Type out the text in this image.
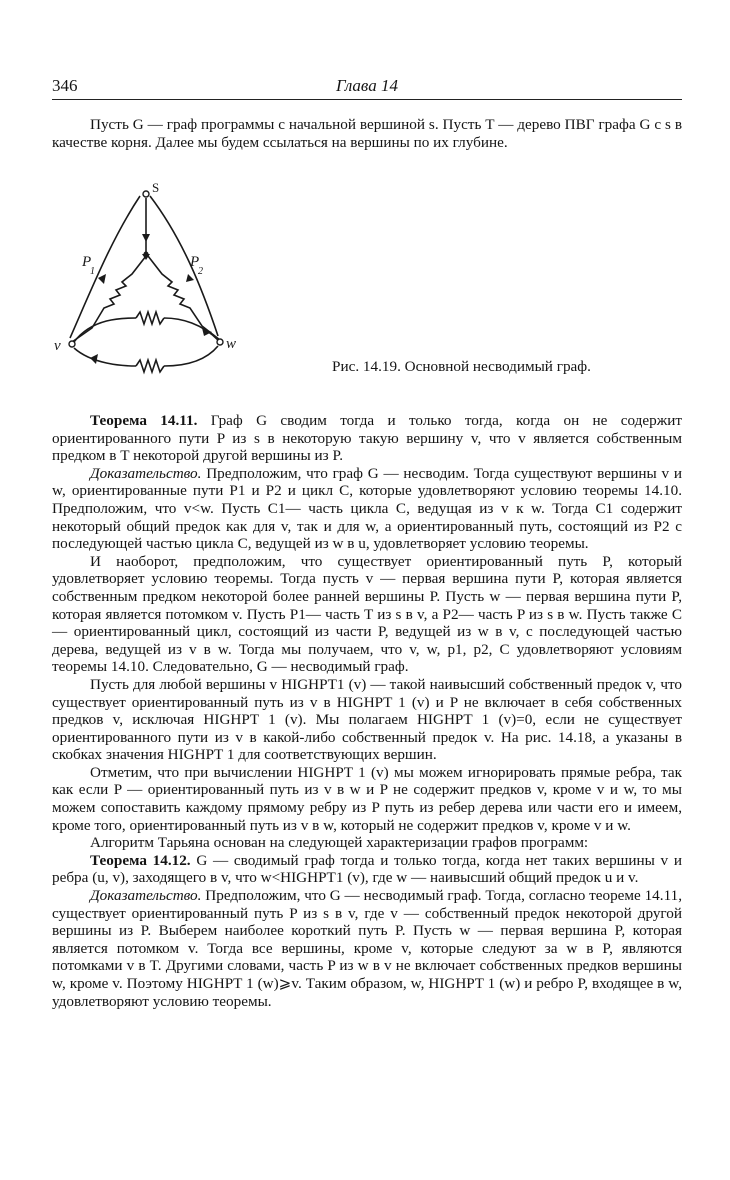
346	Глава 14

Пусть G — граф программы с начальной вершиной s. Пусть T — дерево ПВГ графа G с s в качестве корня. Далее мы будем ссылаться на вершины по их глубине.

S
P
1
P
2
v	w
Рис. 14.19. Основной несводимый граф.

Теорема 14.11. Граф G сводим тогда и только тогда, когда он не содержит ориентированного пути P из s в некоторую такую вершину v, что v является собственным предком в T некоторой другой вершины из P.

Доказательство. Предположим, что граф G — несводим. Тогда существуют вершины v и w, ориентированные пути P1 и P2 и цикл C, которые удовлетворяют условию теоремы 14.10. Предположим, что v<w. Пусть C1— часть цикла C, ведущая из v к w. Тогда C1 содержит некоторый общий предок как для v, так и для w, а ориентированный путь, состоящий из P2 с последующей частью цикла C, ведущей из w в u, удовлетворяет условию теоремы.

И наоборот, предположим, что существует ориентированный путь P, который удовлетворяет условию теоремы. Тогда пусть v — первая вершина пути P, которая является собственным предком некоторой более ранней вершины P. Пусть w — первая вершина пути P, которая является потомком v. Пусть P1— часть T из s в v, а P2— часть P из s в w. Пусть также C — ориентированный цикл, состоящий из части P, ведущей из w в v, с последующей частью дерева, ведущей из v в w. Тогда мы получаем, что v, w, p1, p2, C удовлетворяют условиям теоремы 14.10. Следовательно, G — несводимый граф.

Пусть для любой вершины v HIGHPT1 (v) — такой наивысший собственный предок v, что существует ориентированный путь из v в HIGHPT 1 (v) и P не включает в себя собственных предков v, исключая HIGHPT 1 (v). Мы полагаем HIGHPT 1 (v)=0, если не существует ориентированного пути из v в какой-либо собственный предок v. На рис. 14.18, a указаны в скобках значения HIGHPT 1 для соответствующих вершин.

Отметим, что при вычислении HIGHPT 1 (v) мы можем игнорировать прямые ребра, так как если P — ориентированный путь из v в w и P не содержит предков v, кроме v и w, то мы можем сопоставить каждому прямому ребру из P путь из ребер дерева или части его и имеем, кроме того, ориентированный путь из v в w, который не содержит предков v, кроме v и w.

Алгоритм Тарьяна основан на следующей характеризации графов программ:

Теорема 14.12. G — сводимый граф тогда и только тогда, когда нет таких вершины v и ребра (u, v), заходящего в v, что w<HIGHPT1 (v), где w — наивысший общий предок u и v.

Доказательство. Предположим, что G — несводимый граф. Тогда, согласно теореме 14.11, существует ориентированный путь P из s в v, где v — собственный предок некоторой другой вершины из P. Выберем наиболее короткий путь P. Пусть w — первая вершина P, которая является потомком v. Тогда все вершины, кроме v, которые следуют за w в P, являются потомками v в T. Другими словами, часть P из w в v не включает собственных предков вершины w, кроме v. Поэтому HIGHPT 1 (w)⩾v. Таким образом, w, HIGHPT 1 (w) и ребро P, входящее в w, удовлетворяют условию теоремы.
